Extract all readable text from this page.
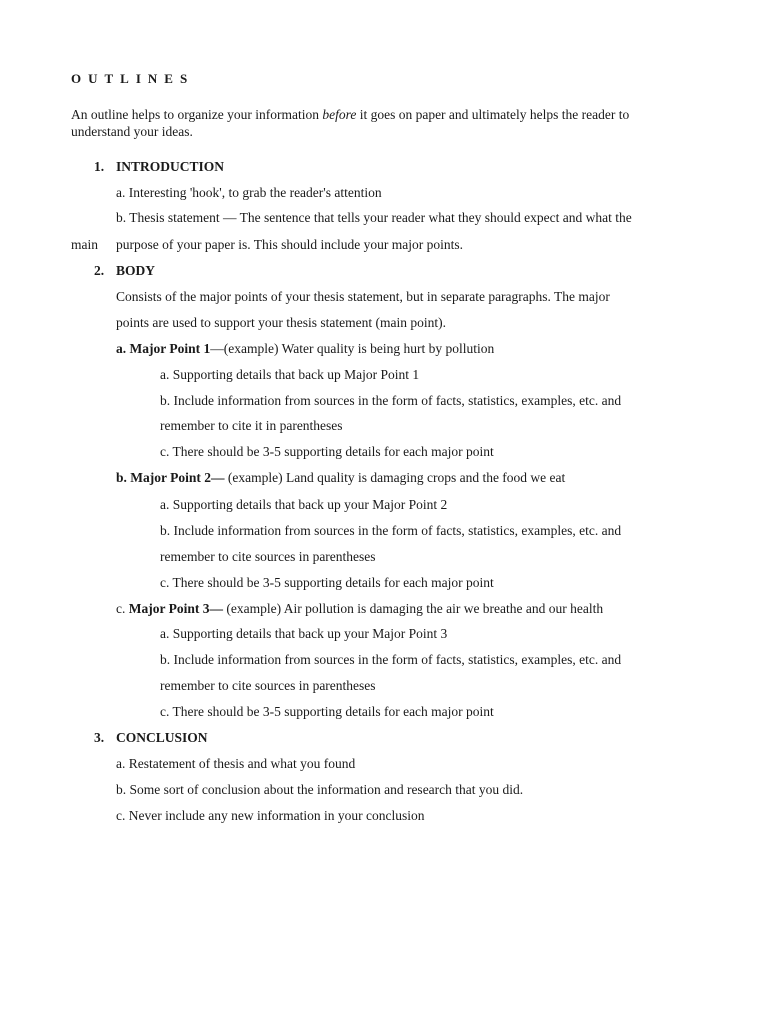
OUTLINES
An outline helps to organize your information before it goes on paper and ultimately helps the reader to
understand your ideas.
1. INTRODUCTION
a. Interesting 'hook', to grab the reader's attention
b. Thesis statement — The sentence that tells your reader what they should expect and what the
main purpose of your paper is. This should include your major points.
2. BODY
Consists of the major points of your thesis statement, but in separate paragraphs. The major
points are used to support your thesis statement (main point).
a. Major Point 1—(example) Water quality is being hurt by pollution
a. Supporting details that back up Major Point 1
b. Include information from sources in the form of facts, statistics, examples, etc. and
remember to cite it in parentheses
c. There should be 3-5 supporting details for each major point
b. Major Point 2— (example) Land quality is damaging crops and the food we eat
a. Supporting details that back up your Major Point 2
b. Include information from sources in the form of facts, statistics, examples, etc. and
remember to cite sources in parentheses
c. There should be 3-5 supporting details for each major point
c. Major Point 3— (example) Air pollution is damaging the air we breathe and our health
a. Supporting details that back up your Major Point 3
b. Include information from sources in the form of facts, statistics, examples, etc. and
remember to cite sources in parentheses
c. There should be 3-5 supporting details for each major point
3. CONCLUSION
a. Restatement of thesis and what you found
b. Some sort of conclusion about the information and research that you did.
c. Never include any new information in your conclusion
